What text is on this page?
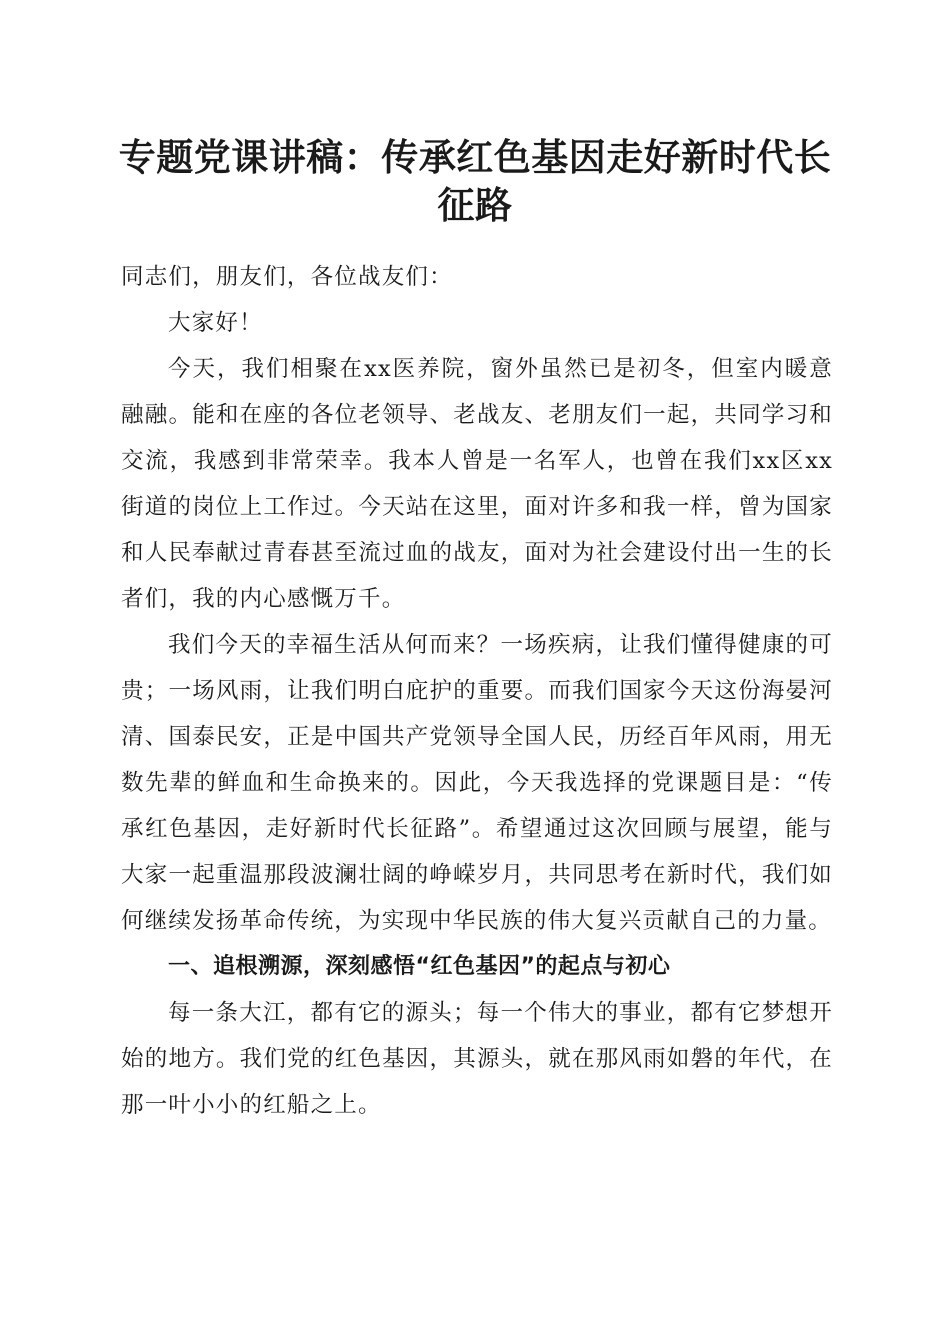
专题党课讲稿：传承红色基因走好新时代长征路

同志们，朋友们，各位战友们：

大家好！

今天，我们相聚在xx医养院，窗外虽然已是初冬，但室内暖意融融。能和在座的各位老领导、老战友、老朋友们一起，共同学习和交流，我感到非常荣幸。我本人曾是一名军人，也曾在我们xx区xx街道的岗位上工作过。今天站在这里，面对许多和我一样，曾为国家和人民奉献过青春甚至流过血的战友，面对为社会建设付出一生的长者们，我的内心感慨万千。

我们今天的幸福生活从何而来？一场疾病，让我们懂得健康的可贵；一场风雨，让我们明白庇护的重要。而我们国家今天这份海晏河清、国泰民安，正是中国共产党领导全国人民，历经百年风雨，用无数先辈的鲜血和生命换来的。因此，今天我选择的党课题目是：“传承红色基因，走好新时代长征路”。希望通过这次回顾与展望，能与大家一起重温那段波澜壮阔的峥嵘岁月，共同思考在新时代，我们如何继续发扬革命传统，为实现中华民族的伟大复兴贡献自己的力量。

一、追根溯源，深刻感悟“红色基因”的起点与初心

每一条大江，都有它的源头；每一个伟大的事业，都有它梦想开始的地方。我们党的红色基因，其源头，就在那风雨如磐的年代，在那一叶小小的红船之上。
